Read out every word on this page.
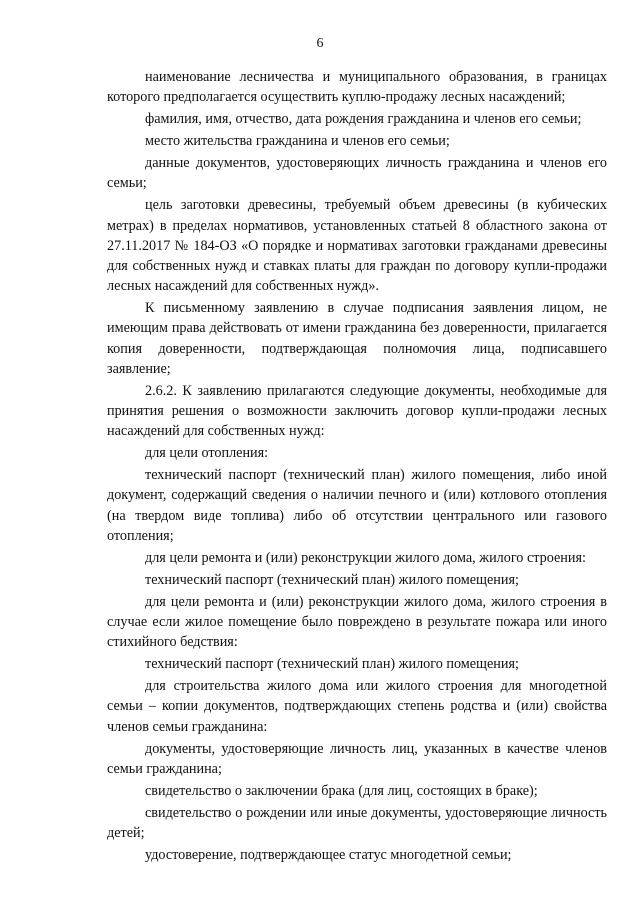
6

наименование лесничества и муниципального образования, в границах которого предполагается осуществить куплю-продажу лесных насаждений;

фамилия, имя, отчество, дата рождения гражданина и членов его семьи;

место жительства гражданина и членов его семьи;

данные документов, удостоверяющих личность гражданина и членов его семьи;

цель заготовки древесины, требуемый объем древесины (в кубических метрах) в пределах нормативов, установленных статьей 8 областного закона от 27.11.2017 № 184-ОЗ «О порядке и нормативах заготовки гражданами древесины для собственных нужд и ставках платы для граждан по договору купли-продажи лесных насаждений для собственных нужд».

К письменному заявлению в случае подписания заявления лицом, не имеющим права действовать от имени гражданина без доверенности, прилагается копия доверенности, подтверждающая полномочия лица, подписавшего заявление;

2.6.2. К заявлению прилагаются следующие документы, необходимые для принятия решения о возможности заключить договор купли-продажи лесных насаждений для собственных нужд:

для цели отопления:

технический паспорт (технический план) жилого помещения, либо иной документ, содержащий сведения о наличии печного и (или) котлового отопления (на твердом виде топлива) либо об отсутствии центрального или газового отопления;

для цели ремонта и (или) реконструкции жилого дома, жилого строения:

технический паспорт (технический план) жилого помещения;

для цели ремонта и (или) реконструкции жилого дома, жилого строения в случае если жилое помещение было повреждено в результате пожара или иного стихийного бедствия:

технический паспорт (технический план) жилого помещения;

для строительства жилого дома или жилого строения для многодетной семьи – копии документов, подтверждающих степень родства и (или) свойства членов семьи гражданина:

документы, удостоверяющие личность лиц, указанных в качестве членов семьи гражданина;

свидетельство о заключении брака (для лиц, состоящих в браке);

свидетельство о рождении или иные документы, удостоверяющие личность детей;

удостоверение, подтверждающее статус многодетной семьи;
